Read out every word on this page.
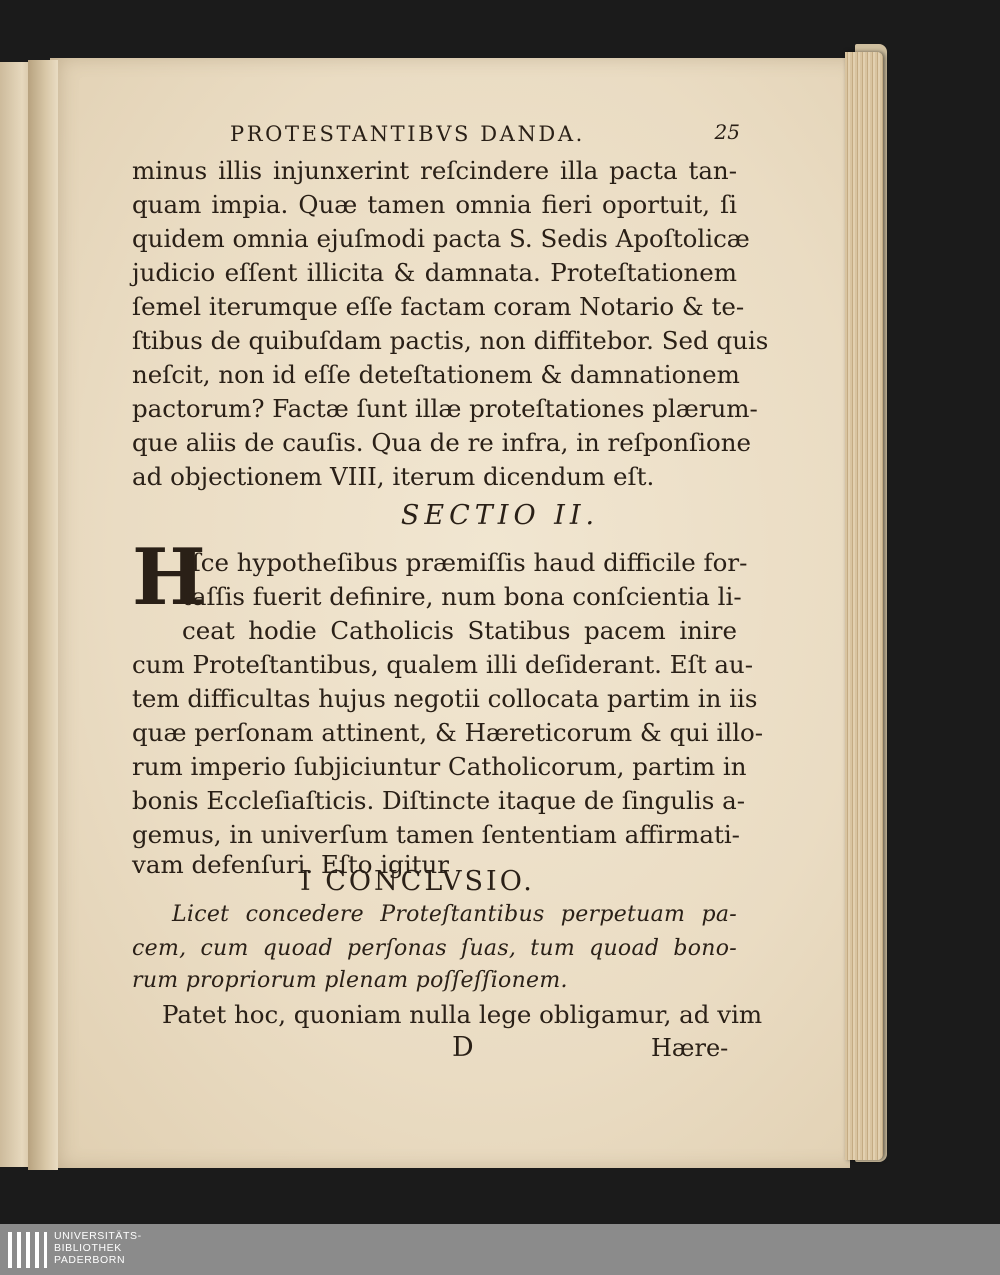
PROTESTANTIBVS DANDA.	25
minus illis injunxerint reſcindere illa pacta tan-
quam impia. Quæ tamen omnia fieri oportuit, ſi
quidem omnia ejuſmodi pacta S. Sedis Apoſtolicæ
judicio eſſent illicita & damnata. Proteſtationem
ſemel iterumque eſſe factam coram Notario & te-
ſtibus de quibuſdam pactis, non diffitebor. Sed quis
neſcit, non id eſſe deteſtationem & damnationem
pactorum? Factæ ſunt illæ proteſtationes plærum-
que aliis de cauſis. Qua de re infra, in reſponſione
ad objectionem VIII, iterum dicendum eſt.
SECTIO II.
H
Iſce hypotheſibus præmiſſis haud difficile for-
taſſis fuerit definire, num bona conſcientia li-
ceat hodie Catholicis Statibus pacem inire
cum Proteſtantibus, qualem illi deſiderant. Eſt au-
tem difficultas hujus negotii collocata partim in iis
quæ perſonam attinent, & Hæreticorum & qui illo-
rum imperio ſubjiciuntur Catholicorum, partim in
bonis Eccleſiaſticis. Diſtincte itaque de ſingulis a-
gemus, in univerſum tamen ſententiam affirmati-
vam defenſuri. Eſto igitur
I CONCLVSIO.
Licet concedere Proteſtantibus perpetuam pa-
cem, cum quoad perſonas ſuas, tum quoad bono-
rum propriorum plenam poſſeſſionem.
Patet hoc, quoniam nulla lege obligamur, ad vim
D	Hære-
UNIVERSITÄTS-
BIBLIOTHEK
PADERBORN
